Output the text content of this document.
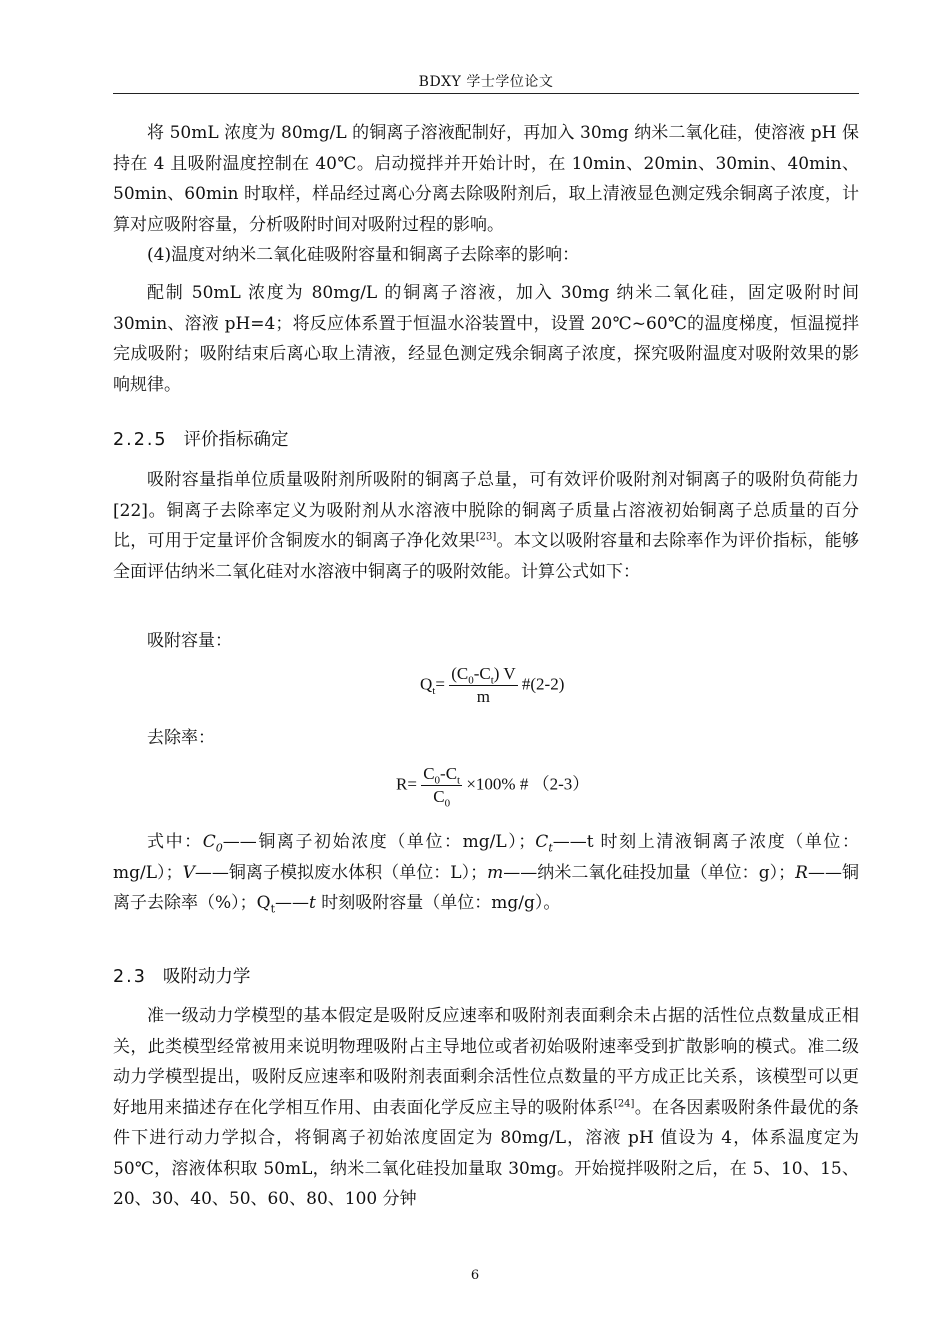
BDXY 学士学位论文

将 50mL 浓度为 80mg/L 的铜离子溶液配制好，再加入 30mg 纳米二氧化硅，使溶液 pH 保持在 4 且吸附温度控制在 40℃。启动搅拌并开始计时，在 10min、20min、30min、40min、50min、60min 时取样，样品经过离心分离去除吸附剂后，取上清液显色测定残余铜离子浓度，计算对应吸附容量，分析吸附时间对吸附过程的影响。

(4)温度对纳米二氧化硅吸附容量和铜离子去除率的影响：

配制 50mL 浓度为 80mg/L 的铜离子溶液，加入 30mg 纳米二氧化硅，固定吸附时间 30min、溶液 pH=4；将反应体系置于恒温水浴装置中，设置 20℃~60℃的温度梯度，恒温搅拌完成吸附；吸附结束后离心取上清液，经显色测定残余铜离子浓度，探究吸附温度对吸附效果的影响规律。

2.2.5 评价指标确定

吸附容量指单位质量吸附剂所吸附的铜离子总量，可有效评价吸附剂对铜离子的吸附负荷能力[22]。铜离子去除率定义为吸附剂从水溶液中脱除的铜离子质量占溶液初始铜离子总质量的百分比，可用于定量评价含铜废水的铜离子净化效果[23]。本文以吸附容量和去除率作为评价指标，能够全面评估纳米二氧化硅对水溶液中铜离子的吸附效能。计算公式如下：

吸附容量：

$Q_t= \frac{(C_0-C_t) V}{m}$ #(2-2)

去除率：

$R= \frac{C_0-C_t}{C_0} \times 100\%$ # （2-3）

式中：$C_0——$铜离子初始浓度（单位：mg/L）；$C_t——t$ 时刻上清液铜离子浓度（单位：mg/L）；V——铜离子模拟废水体积（单位：L）；m——纳米二氧化硅投加量（单位：g）；R——铜离子去除率（%）；$Q_t——t$ 时刻吸附容量（单位：mg/g）。

2.3 吸附动力学

准一级动力学模型的基本假定是吸附反应速率和吸附剂表面剩余未占据的活性位点数量成正相关，此类模型经常被用来说明物理吸附占主导地位或者初始吸附速率受到扩散影响的模式。准二级动力学模型提出，吸附反应速率和吸附剂表面剩余活性位点数量的平方成正比关系，该模型可以更好地用来描述存在化学相互作用、由表面化学反应主导的吸附体系[24]。在各因素吸附条件最优的条件下进行动力学拟合，将铜离子初始浓度固定为 80mg/L，溶液 pH 值设为 4，体系温度定为 50℃，溶液体积取 50mL，纳米二氧化硅投加量取 30mg。开始搅拌吸附之后，在 5、10、15、20、30、40、50、60、80、100 分钟

6
